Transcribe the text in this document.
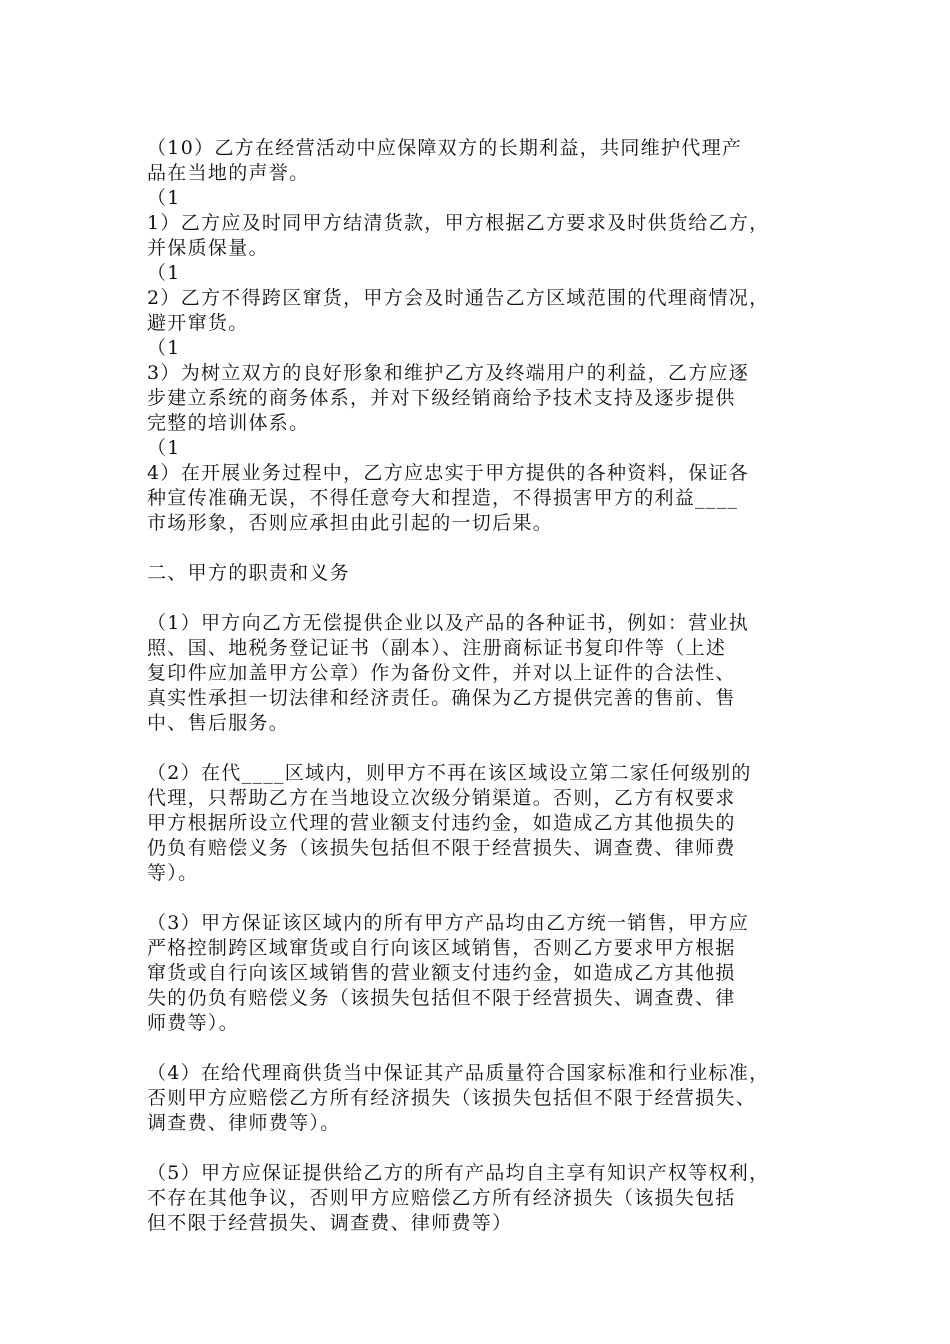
（10）乙方在经营活动中应保障双方的长期利益，共同维护代理产
品在当地的声誉。
（1
1）乙方应及时同甲方结清货款，甲方根据乙方要求及时供货给乙方，
并保质保量。
（1
2）乙方不得跨区窜货，甲方会及时通告乙方区域范围的代理商情况，
避开窜货。
（1
3）为树立双方的良好形象和维护乙方及终端用户的利益，乙方应逐
步建立系统的商务体系，并对下级经销商给予技术支持及逐步提供
完整的培训体系。
（1
4）在开展业务过程中，乙方应忠实于甲方提供的各种资料，保证各
种宣传准确无误，不得任意夸大和捏造，不得损害甲方的利益____
市场形象，否则应承担由此引起的一切后果。
二、甲方的职责和义务
（1）甲方向乙方无偿提供企业以及产品的各种证书，例如：营业执
照、国、地税务登记证书（副本）、注册商标证书复印件等（上述
复印件应加盖甲方公章）作为备份文件，并对以上证件的合法性、
真实性承担一切法律和经济责任。确保为乙方提供完善的售前、售
中、售后服务。
（2）在代____区域内，则甲方不再在该区域设立第二家任何级别的
代理，只帮助乙方在当地设立次级分销渠道。否则，乙方有权要求
甲方根据所设立代理的营业额支付违约金，如造成乙方其他损失的
仍负有赔偿义务（该损失包括但不限于经营损失、调查费、律师费
等）。
（3）甲方保证该区域内的所有甲方产品均由乙方统一销售，甲方应
严格控制跨区域窜货或自行向该区域销售，否则乙方要求甲方根据
窜货或自行向该区域销售的营业额支付违约金，如造成乙方其他损
失的仍负有赔偿义务（该损失包括但不限于经营损失、调查费、律
师费等）。
（4）在给代理商供货当中保证其产品质量符合国家标准和行业标准，
否则甲方应赔偿乙方所有经济损失（该损失包括但不限于经营损失、
调查费、律师费等）。
（5）甲方应保证提供给乙方的所有产品均自主享有知识产权等权利，
不存在其他争议，否则甲方应赔偿乙方所有经济损失（该损失包括
但不限于经营损失、调查费、律师费等）
